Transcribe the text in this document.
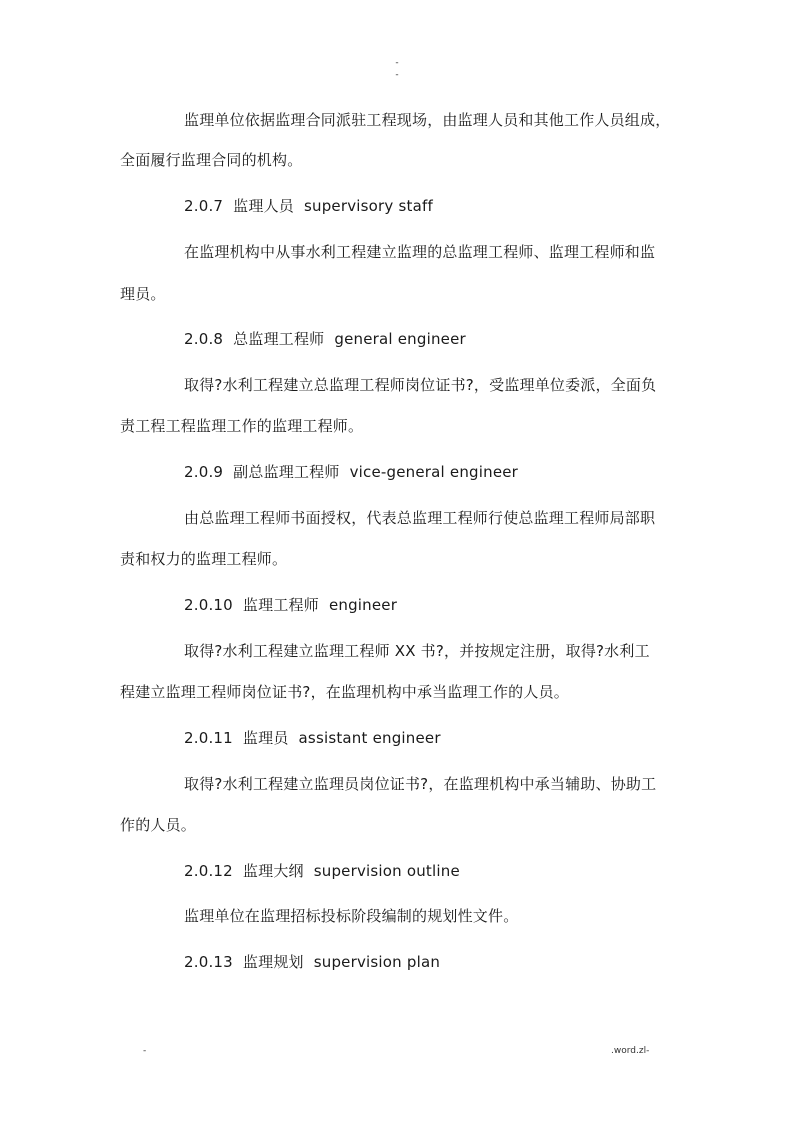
-
-
监理单位依据监理合同派驻工程现场，由监理人员和其他工作人员组成，
全面履行监理合同的机构。
2.0.7 监理人员 supervisory staff
在监理机构中从事水利工程建立监理的总监理工程师、监理工程师和监
理员。
2.0.8 总监理工程师 general engineer
取得?水利工程建立总监理工程师岗位证书?，受监理单位委派，全面负
责工程工程监理工作的监理工程师。
2.0.9 副总监理工程师 vice-general engineer
由总监理工程师书面授权，代表总监理工程师行使总监理工程师局部职
责和权力的监理工程师。
2.0.10 监理工程师 engineer
取得?水利工程建立监理工程师 XX 书?，并按规定注册，取得?水利工
程建立监理工程师岗位证书?，在监理机构中承当监理工作的人员。
2.0.11 监理员 assistant engineer
取得?水利工程建立监理员岗位证书?，在监理机构中承当辅助、协助工
作的人员。
2.0.12 监理大纲 supervision outline
监理单位在监理招标投标阶段编制的规划性文件。
2.0.13 监理规划 supervision plan
-	.word.zl-
